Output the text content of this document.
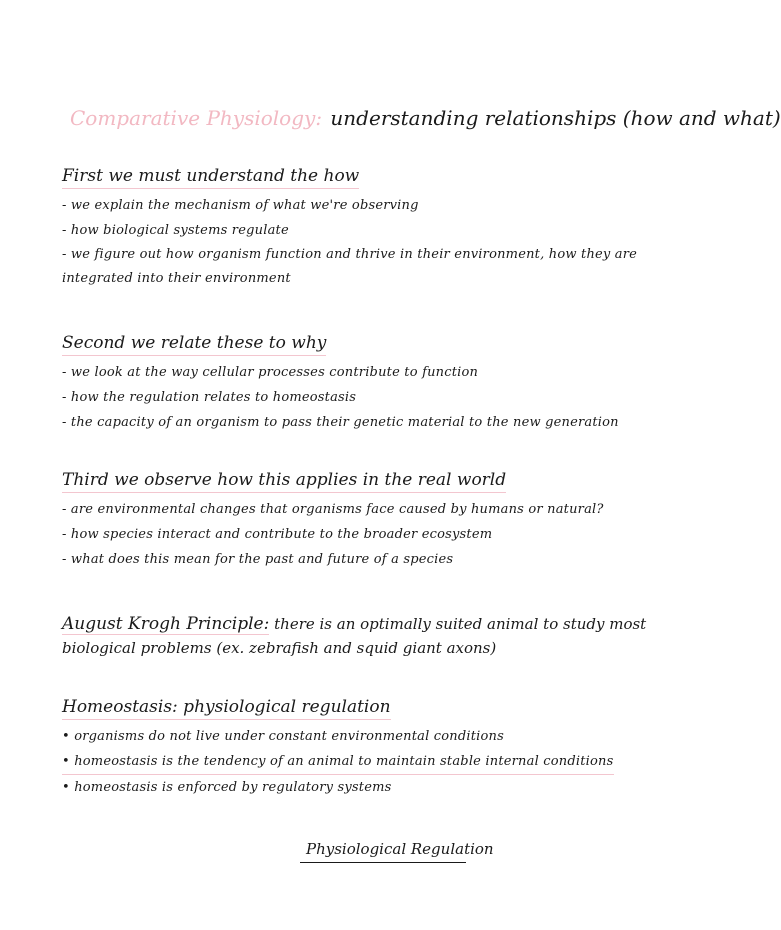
Comparative Physiology: understanding relationships (how and what)
First we must understand the how
- we explain the mechanism of what we're observing
- how biological systems regulate
- we figure out how organism function and thrive in their environment, how they are integrated into their environment
Second we relate these to why
- we look at the way cellular processes contribute to function
- how the regulation relates to homeostasis
- the capacity of an organism to pass their genetic material to the new generation
Third we observe how this applies in the real world
- are environmental changes that organisms face caused by humans or natural?
- how species interact and contribute to the broader ecosystem
- what does this mean for the past and future of a species
August Krogh Principle: there is an optimally suited animal to study most biological problems (ex. zebrafish and squid giant axons)
Homeostasis: physiological regulation
• organisms do not live under constant environmental conditions
• homeostasis is the tendency of an animal to maintain stable internal conditions
• homeostasis is enforced by regulatory systems
Physiological Regulation
